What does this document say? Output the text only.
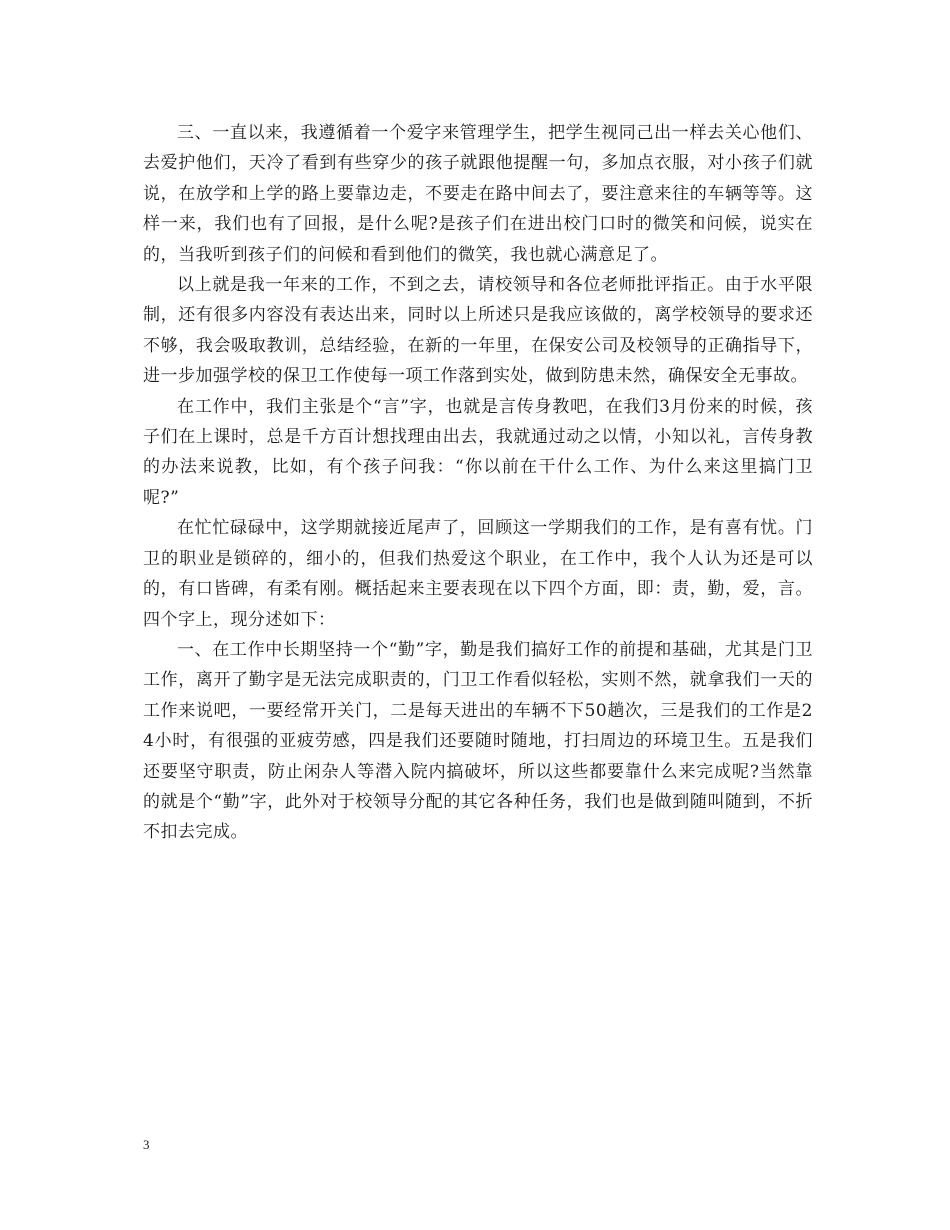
三、一直以来，我遵循着一个爱字来管理学生，把学生视同己出一样去关心他们、去爱护他们，天冷了看到有些穿少的孩子就跟他提醒一句，多加点衣服，对小孩子们就说，在放学和上学的路上要靠边走，不要走在路中间去了，要注意来往的车辆等等。这样一来，我们也有了回报，是什么呢?是孩子们在进出校门口时的微笑和问候，说实在的，当我听到孩子们的问候和看到他们的微笑，我也就心满意足了。

以上就是我一年来的工作，不到之去，请校领导和各位老师批评指正。由于水平限制，还有很多内容没有表达出来，同时以上所述只是我应该做的，离学校领导的要求还不够，我会吸取教训，总结经验，在新的一年里，在保安公司及校领导的正确指导下，进一步加强学校的保卫工作使每一项工作落到实处，做到防患未然，确保安全无事故。

在工作中，我们主张是个“言”字，也就是言传身教吧，在我们3月份来的时候，孩子们在上课时，总是千方百计想找理由出去，我就通过动之以情，小知以礼，言传身教的办法来说教，比如，有个孩子问我：“你以前在干什么工作、为什么来这里搞门卫呢?”

在忙忙碌碌中，这学期就接近尾声了，回顾这一学期我们的工作，是有喜有忧。门卫的职业是锁碎的，细小的，但我们热爱这个职业，在工作中，我个人认为还是可以的，有口皆碑，有柔有刚。概括起来主要表现在以下四个方面，即：责，勤，爱，言。四个字上，现分述如下：

一、在工作中长期坚持一个“勤”字，勤是我们搞好工作的前提和基础，尤其是门卫工作，离开了勤字是无法完成职责的，门卫工作看似轻松，实则不然，就拿我们一天的工作来说吧，一要经常开关门，二是每天进出的车辆不下50趟次，三是我们的工作是24小时，有很强的亚疲劳感，四是我们还要随时随地，打扫周边的环境卫生。五是我们还要坚守职责，防止闲杂人等潜入院内搞破坏，所以这些都要靠什么来完成呢?当然靠的就是个“勤”字，此外对于校领导分配的其它各种任务，我们也是做到随叫随到，不折不扣去完成。

3
